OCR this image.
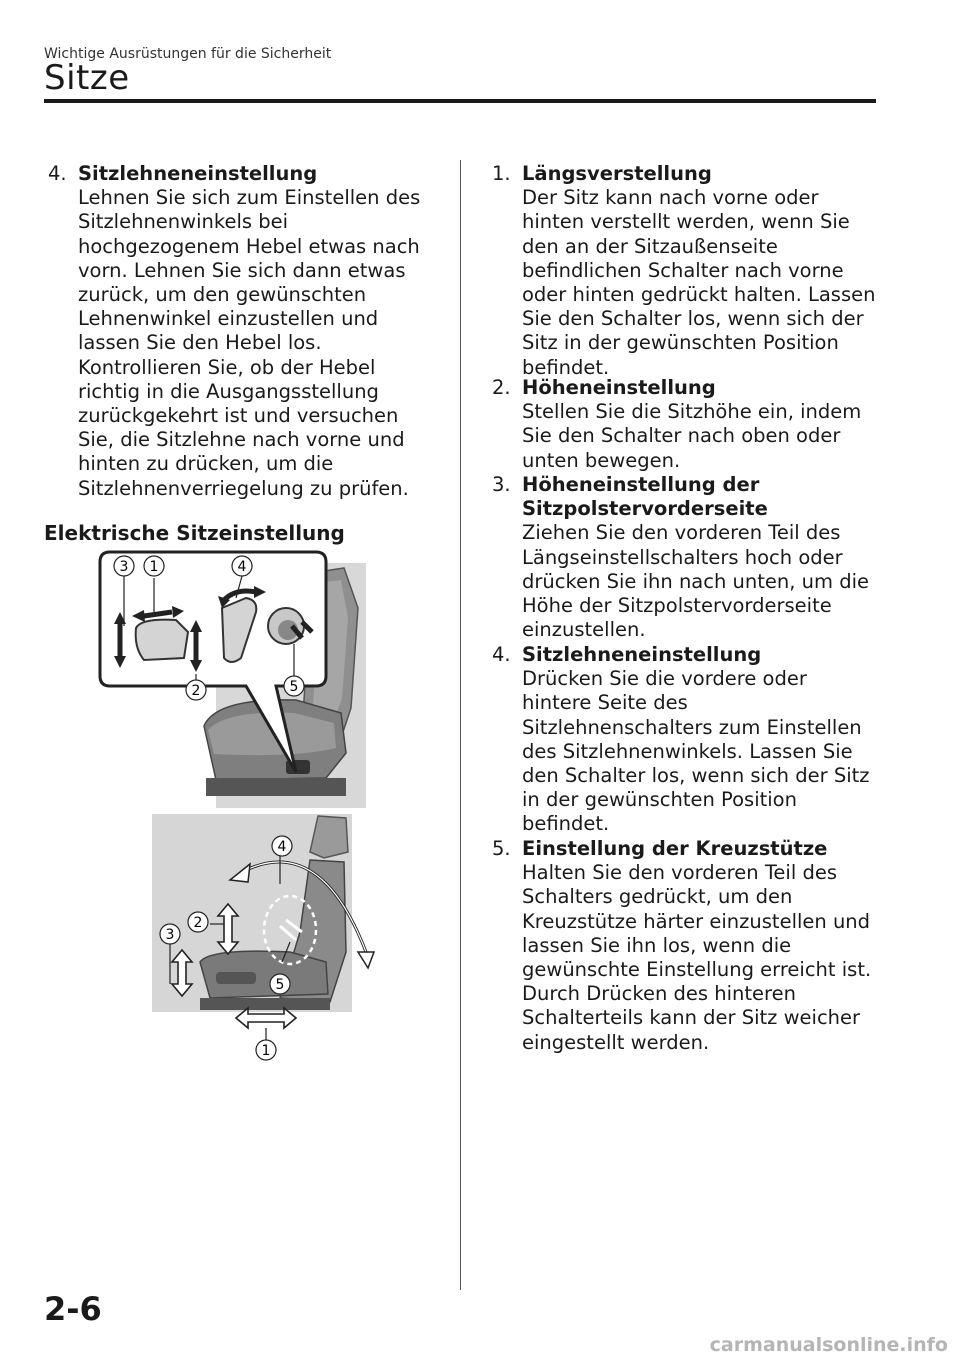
Wichtige Ausrüstungen für die Sicherheit
Sitze
4. Sitzlehneneinstellung
Lehnen Sie sich zum Einstellen des Sitzlehnenwinkels bei hochgezogenem Hebel etwas nach vorn. Lehnen Sie sich dann etwas zurück, um den gewünschten Lehnenwinkel einzustellen und lassen Sie den Hebel los. Kontrollieren Sie, ob der Hebel richtig in die Ausgangsstellung zurückgekehrt ist und versuchen Sie, die Sitzlehne nach vorne und hinten zu drücken, um die Sitzlehnenverriegelung zu prüfen.
Elektrische Sitzeinstellung
3 1	4
2	5
4
2
3
5
1
1. Längsverstellung
Der Sitz kann nach vorne oder hinten verstellt werden, wenn Sie den an der Sitzaußenseite befindlichen Schalter nach vorne oder hinten gedrückt halten. Lassen Sie den Schalter los, wenn sich der Sitz in der gewünschten Position befindet.
2. Höheneinstellung
Stellen Sie die Sitzhöhe ein, indem Sie den Schalter nach oben oder unten bewegen.
3. Höheneinstellung der Sitzpolstervorderseite
Ziehen Sie den vorderen Teil des Längseinstellschalters hoch oder drücken Sie ihn nach unten, um die Höhe der Sitzpolstervorderseite einzustellen.
4. Sitzlehneneinstellung
Drücken Sie die vordere oder hintere Seite des Sitzlehnenschalters zum Einstellen des Sitzlehnenwinkels. Lassen Sie den Schalter los, wenn sich der Sitz in der gewünschten Position befindet.
5. Einstellung der Kreuzstütze
Halten Sie den vorderen Teil des Schalters gedrückt, um den Kreuzstütze härter einzustellen und lassen Sie ihn los, wenn die gewünschte Einstellung erreicht ist. Durch Drücken des hinteren Schalterteils kann der Sitz weicher eingestellt werden.
2-6
carmanualsonline.info
